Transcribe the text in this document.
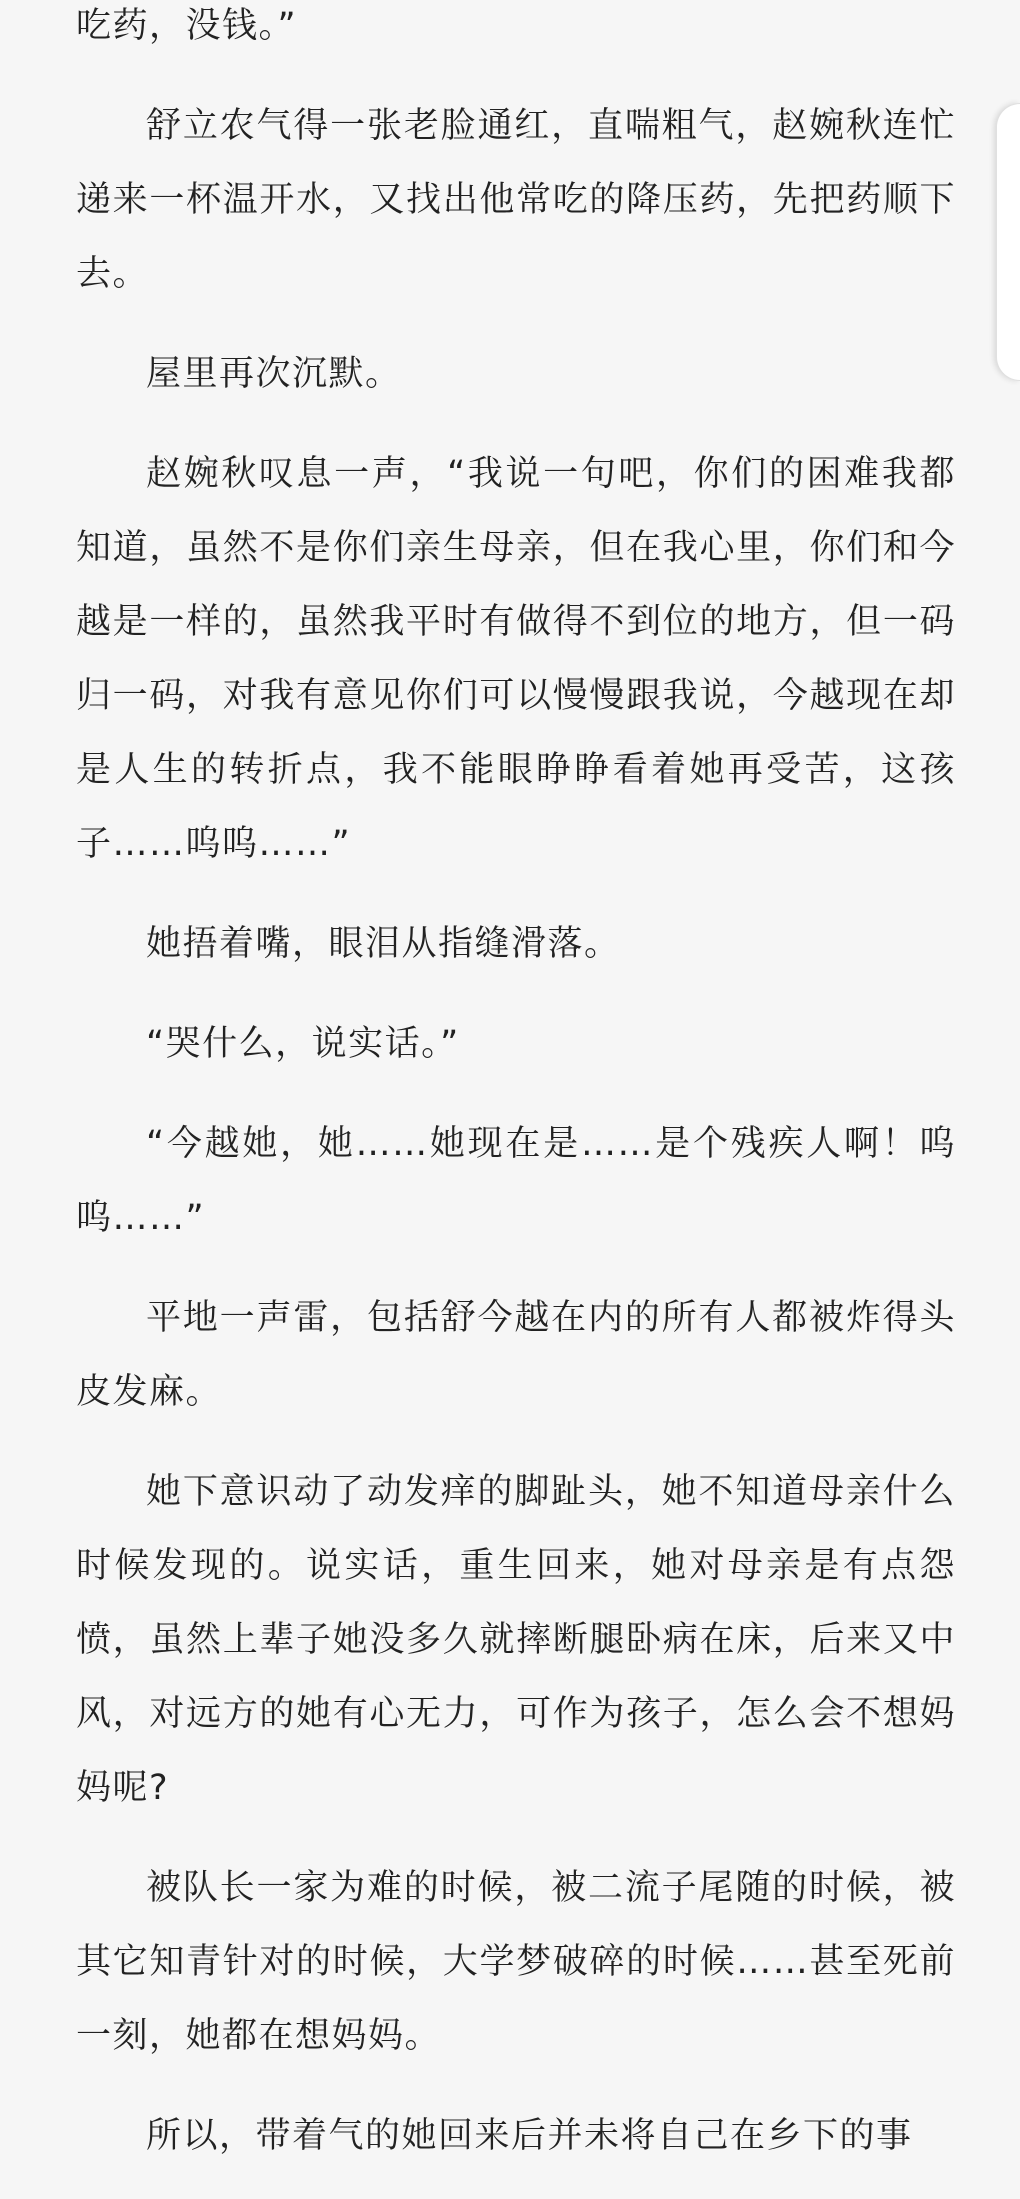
吃药，没钱。”

舒立农气得一张老脸通红，直喘粗气，赵婉秋连忙递来一杯温开水，又找出他常吃的降压药，先把药顺下去。

屋里再次沉默。

赵婉秋叹息一声，“我说一句吧，你们的困难我都知道，虽然不是你们亲生母亲，但在我心里，你们和今越是一样的，虽然我平时有做得不到位的地方，但一码归一码，对我有意见你们可以慢慢跟我说，今越现在却是人生的转折点，我不能眼睁睁看着她再受苦，这孩子……呜呜……”

她捂着嘴，眼泪从指缝滑落。

“哭什么，说实话。”

“今越她，她……她现在是……是个残疾人啊！呜呜……”

平地一声雷，包括舒今越在内的所有人都被炸得头皮发麻。

她下意识动了动发痒的脚趾头，她不知道母亲什么时候发现的。说实话，重生回来，她对母亲是有点怨愤，虽然上辈子她没多久就摔断腿卧病在床，后来又中风，对远方的她有心无力，可作为孩子，怎么会不想妈妈呢?

被队长一家为难的时候，被二流子尾随的时候，被其它知青针对的时候，大学梦破碎的时候……甚至死前一刻，她都在想妈妈。

所以，带着气的她回来后并未将自己在乡下的事
